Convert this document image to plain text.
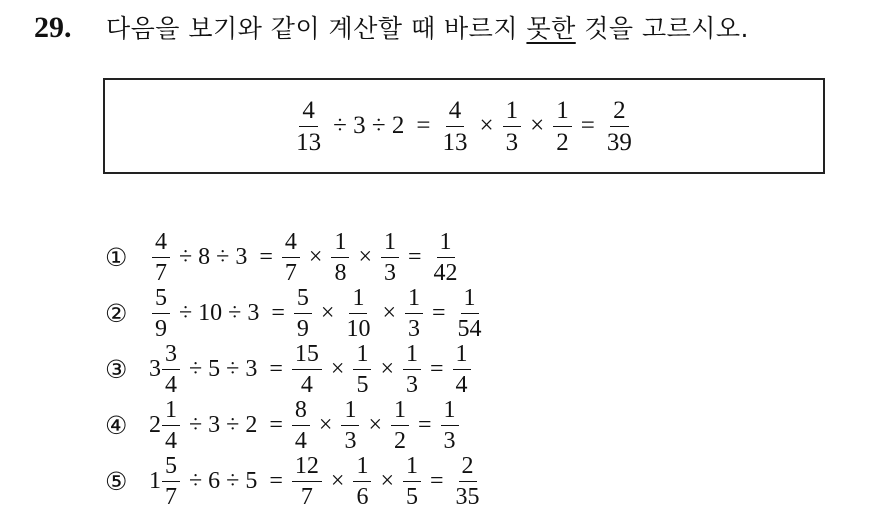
29. 다음을 보기와 같이 계산할 때 바르지 못한 것을 고르시오.
$\frac{4}{13} \div 3 \div 2 = \frac{4}{13} \times \frac{1}{3} \times \frac{1}{2} = \frac{2}{39}$
①	$\frac{4}{7} \div 8 \div 3 = \frac{4}{7} \times \frac{1}{8} \times \frac{1}{3} = \frac{1}{42}$
②	$\frac{5}{9} \div 10 \div 3 = \frac{5}{9} \times \frac{1}{10} \times \frac{1}{3} = \frac{1}{54}$
③ $3 \frac{3}{4} \div 5 \div 3 = \frac{15}{4} \times \frac{1}{5} \times \frac{1}{3} = \frac{1}{4}$
④ $2 \frac{1}{4} \div 3 \div 2 = \frac{8}{4} \times \frac{1}{3} \times \frac{1}{2} = \frac{1}{3}$
⑤ $1 \frac{5}{7} \div 6 \div 5 = \frac{12}{7} \times \frac{1}{6} \times \frac{1}{5} = \frac{2}{35}$
